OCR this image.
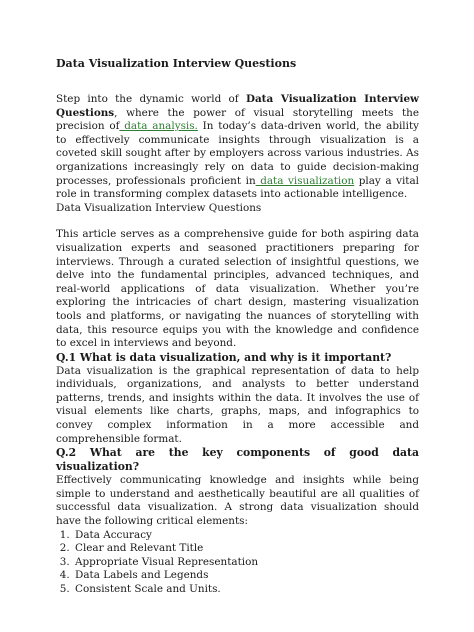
Data Visualization Interview Questions

Step into the dynamic world of Data Visualization Interview Questions, where the power of visual storytelling meets the precision of data analysis. In today’s data-driven world, the ability to effectively communicate insights through visualization is a coveted skill sought after by employers across various industries. As organizations increasingly rely on data to guide decision-making processes, professionals proficient in data visualization play a vital role in transforming complex datasets into actionable intelligence.

Data Visualization Interview Questions

This article serves as a comprehensive guide for both aspiring data visualization experts and seasoned practitioners preparing for interviews. Through a curated selection of insightful questions, we delve into the fundamental principles, advanced techniques, and real-world applications of data visualization. Whether you’re exploring the intricacies of chart design, mastering visualization tools and platforms, or navigating the nuances of storytelling with data, this resource equips you with the knowledge and confidence to excel in interviews and beyond.

Q.1 What is data visualization, and why is it important?

Data visualization is the graphical representation of data to help individuals, organizations, and analysts to better understand patterns, trends, and insights within the data. It involves the use of visual elements like charts, graphs, maps, and infographics to convey complex information in a more accessible and comprehensible format.

Q.2 What are the key components of good data visualization?

Effectively communicating knowledge and insights while being simple to understand and aesthetically beautiful are all qualities of successful data visualization. A strong data visualization should have the following critical elements:

1. Data Accuracy
2. Clear and Relevant Title
3. Appropriate Visual Representation
4. Data Labels and Legends
5. Consistent Scale and Units.
